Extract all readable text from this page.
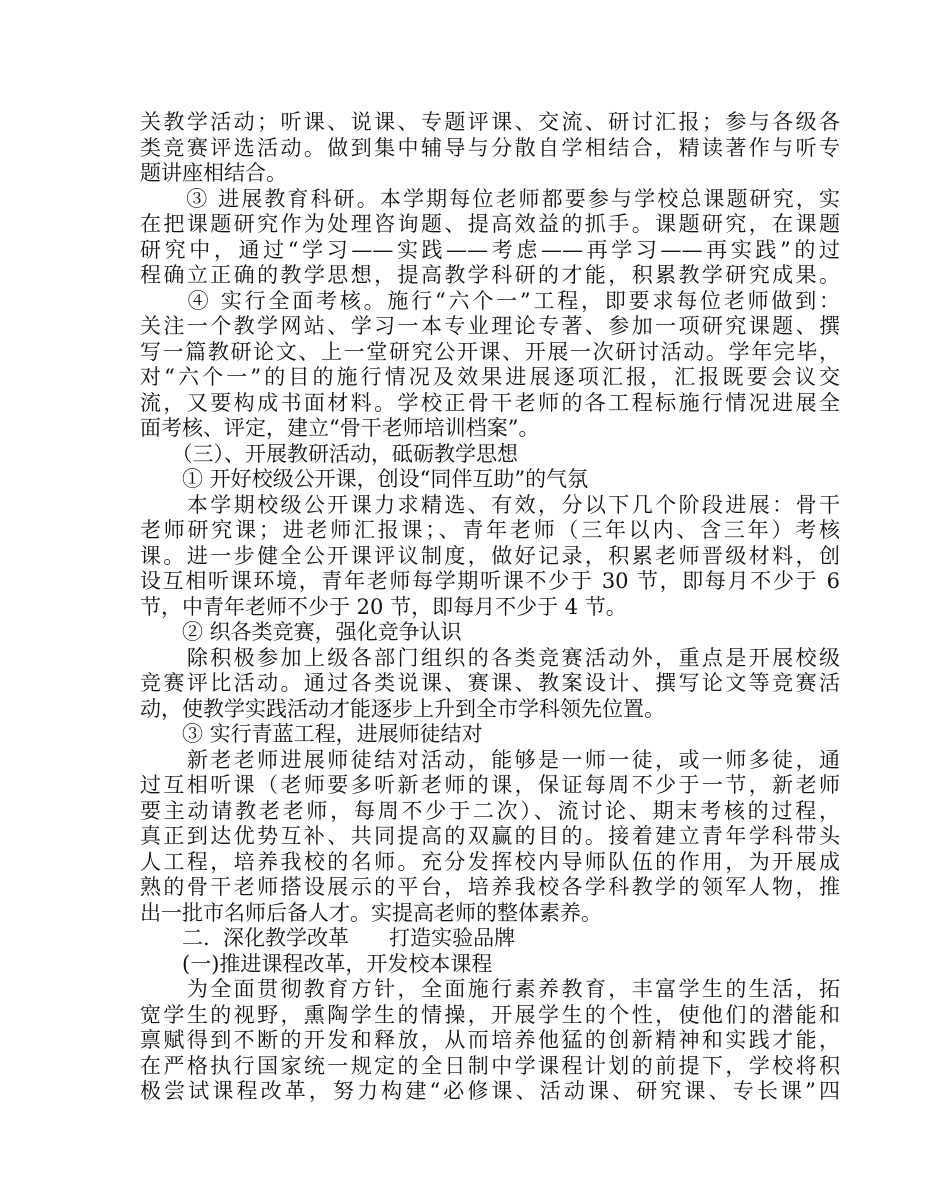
关教学活动；听课、说课、专题评课、交流、研讨汇报；参与各级各
类竞赛评选活动。做到集中辅导与分散自学相结合，精读著作与听专
题讲座相结合。
　　③ 进展教育科研。本学期每位老师都要参与学校总课题研究，实
在把课题研究作为处理咨询题、提高效益的抓手。课题研究，在课题
研究中，通过“学习——实践——考虑——再学习——再实践”的过
程确立正确的教学思想，提高教学科研的才能，积累教学研究成果。
　　④ 实行全面考核。施行“六个一”工程，即要求每位老师做到：
关注一个教学网站、学习一本专业理论专著、参加一项研究课题、撰
写一篇教研论文、上一堂研究公开课、开展一次研讨活动。学年完毕，
对“六个一”的目的施行情况及效果进展逐项汇报，汇报既要会议交
流，又要构成书面材料。学校正骨干老师的各工程标施行情况进展全
面考核、评定，建立“骨干老师培训档案”。
　　（三）、开展教研活动，砥砺教学思想
　　① 开好校级公开课，创设“同伴互助”的气氛
　　本学期校级公开课力求精选、有效，分以下几个阶段进展：骨干
老师研究课；进老师汇报课；、青年老师（三年以内、含三年）考核
课。进一步健全公开课评议制度，做好记录，积累老师晋级材料，创
设互相听课环境，青年老师每学期听课不少于 30 节，即每月不少于 6
节，中青年老师不少于 20 节，即每月不少于 4 节。
　　② 织各类竞赛，强化竞争认识
　　除积极参加上级各部门组织的各类竞赛活动外，重点是开展校级
竞赛评比活动。通过各类说课、赛课、教案设计、撰写论文等竞赛活
动，使教学实践活动才能逐步上升到全市学科领先位置。
　　③ 实行青蓝工程，进展师徒结对
　　新老老师进展师徒结对活动，能够是一师一徒，或一师多徒，通
过互相听课（老师要多听新老师的课，保证每周不少于一节，新老师
要主动请教老老师，每周不少于二次）、流讨论、期末考核的过程，
真正到达优势互补、共同提高的双赢的目的。接着建立青年学科带头
人工程，培养我校的名师。充分发挥校内导师队伍的作用，为开展成
熟的骨干老师搭设展示的平台，培养我校各学科教学的领军人物，推
出一批市名师后备人才。实提高老师的整体素养。
　　二.  深化教学改革      打造实验品牌
　　(一)推进课程改革，开发校本课程
　　为全面贯彻教育方针，全面施行素养教育，丰富学生的生活，拓
宽学生的视野，熏陶学生的情操，开展学生的个性，使他们的潜能和
禀赋得到不断的开发和释放，从而培养他猛的创新精神和实践才能，
在严格执行国家统一规定的全日制中学课程计划的前提下，学校将积
极尝试课程改革，努力构建“必修课、活动课、研究课、专长课”四
